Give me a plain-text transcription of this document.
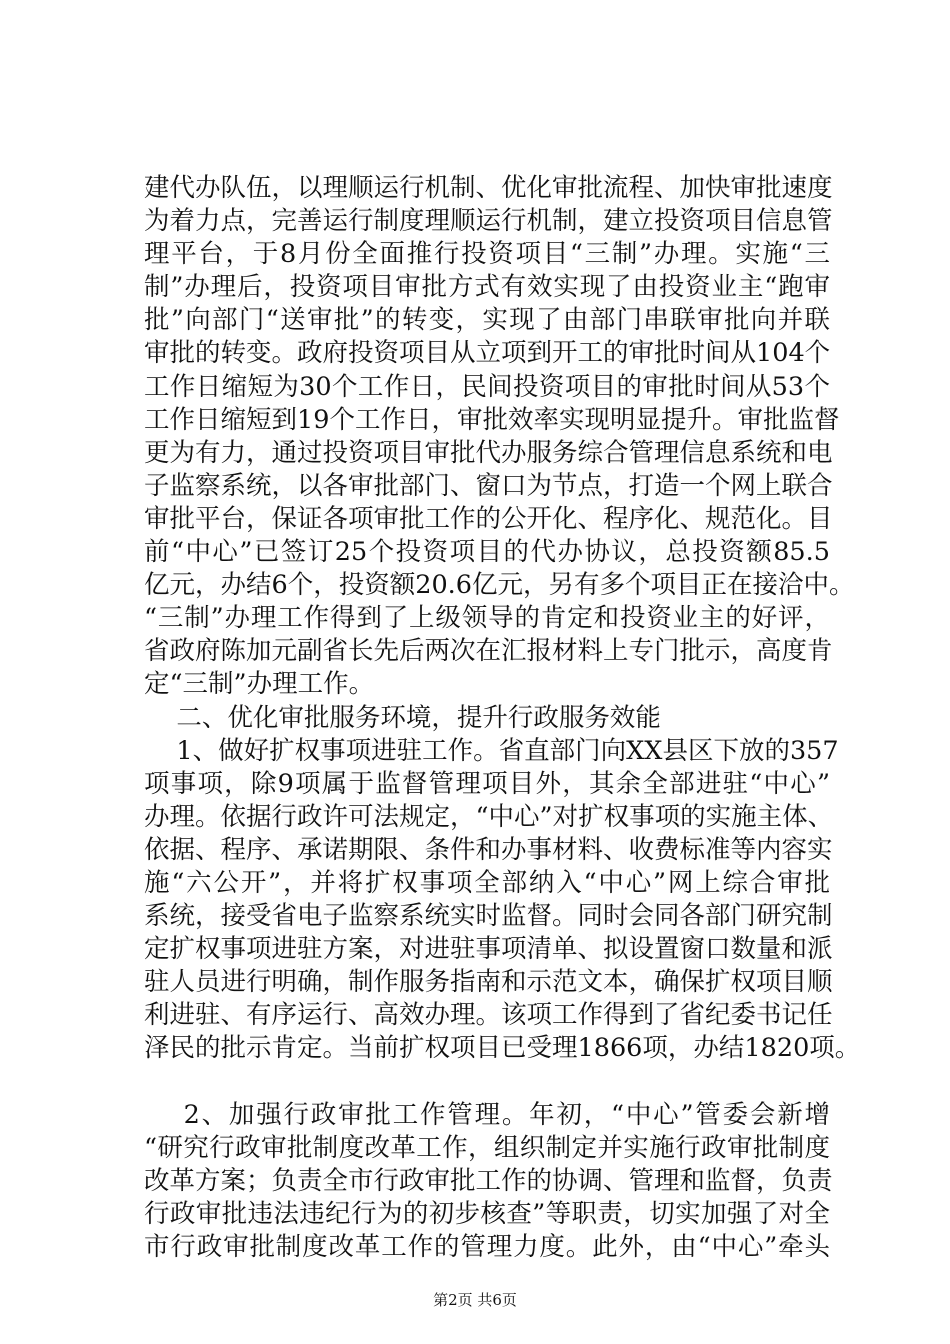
建代办队伍，以理顺运行机制、优化审批流程、加快审批速度
为着力点，完善运行制度理顺运行机制，建立投资项目信息管
理平台，于8月份全面推行投资项目“三制”办理。实施“三
制”办理后，投资项目审批方式有效实现了由投资业主“跑审
批”向部门“送审批”的转变，实现了由部门串联审批向并联
审批的转变。政府投资项目从立项到开工的审批时间从104个
工作日缩短为30个工作日，民间投资项目的审批时间从53个
工作日缩短到19个工作日，审批效率实现明显提升。审批监督
更为有力，通过投资项目审批代办服务综合管理信息系统和电
子监察系统，以各审批部门、窗口为节点，打造一个网上联合
审批平台，保证各项审批工作的公开化、程序化、规范化。目
前“中心”已签订25个投资项目的代办协议，总投资额85.5
亿元，办结6个，投资额20.6亿元，另有多个项目正在接洽中。
“三制”办理工作得到了上级领导的肯定和投资业主的好评，
省政府陈加元副省长先后两次在汇报材料上专门批示，高度肯
定“三制”办理工作。
二、优化审批服务环境，提升行政服务效能
1、做好扩权事项进驻工作。省直部门向XX县区下放的357
项事项，除9项属于监督管理项目外，其余全部进驻“中心”
办理。依据行政许可法规定，“中心”对扩权事项的实施主体、
依据、程序、承诺期限、条件和办事材料、收费标准等内容实
施“六公开”，并将扩权事项全部纳入“中心”网上综合审批
系统，接受省电子监察系统实时监督。同时会同各部门研究制
定扩权事项进驻方案，对进驻事项清单、拟设置窗口数量和派
驻人员进行明确，制作服务指南和示范文本，确保扩权项目顺
利进驻、有序运行、高效办理。该项工作得到了省纪委书记任
泽民的批示肯定。当前扩权项目已受理1866项，办结1820项。
2、加强行政审批工作管理。年初，“中心”管委会新增
“研究行政审批制度改革工作，组织制定并实施行政审批制度
改革方案；负责全市行政审批工作的协调、管理和监督，负责
行政审批违法违纪行为的初步核查”等职责，切实加强了对全
市行政审批制度改革工作的管理力度。此外，由“中心”牵头
第2页 共6页
